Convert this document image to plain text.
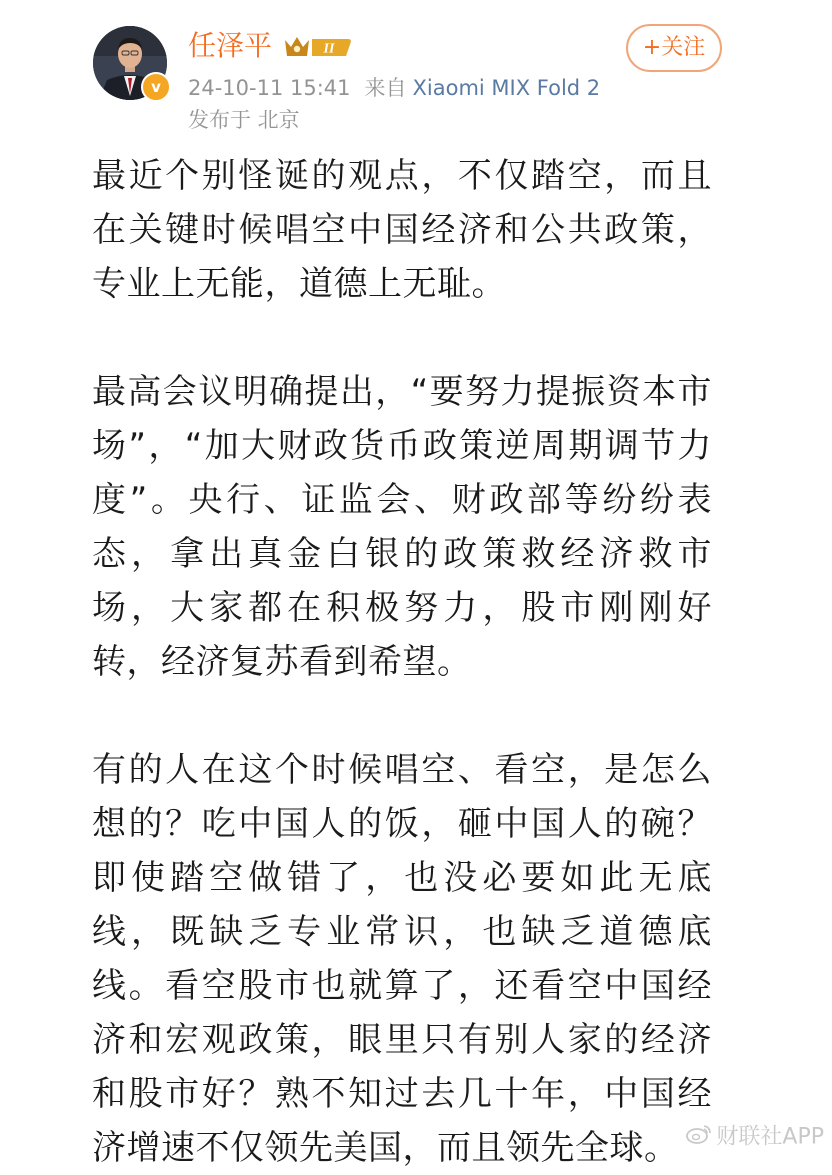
v
任泽平	II
24-10-11 15:41 来自 Xiaomi MIX Fold 2
发布于 北京
+关注

最近个别怪诞的观点，不仅踏空，而且在关键时候唱空中国经济和公共政策，专业上无能，道德上无耻。

最高会议明确提出，“要努力提振资本市场”，“加大财政货币政策逆周期调节力度”。央行、证监会、财政部等纷纷表态，拿出真金白银的政策救经济救市场，大家都在积极努力，股市刚刚好转，经济复苏看到希望。

有的人在这个时候唱空、看空，是怎么想的？吃中国人的饭，砸中国人的碗？即使踏空做错了，也没必要如此无底线，既缺乏专业常识，也缺乏道德底线。看空股市也就算了，还看空中国经济和宏观政策，眼里只有别人家的经济和股市好？熟不知过去几十年，中国经济增速不仅领先美国，而且领先全球。	财联社APP
